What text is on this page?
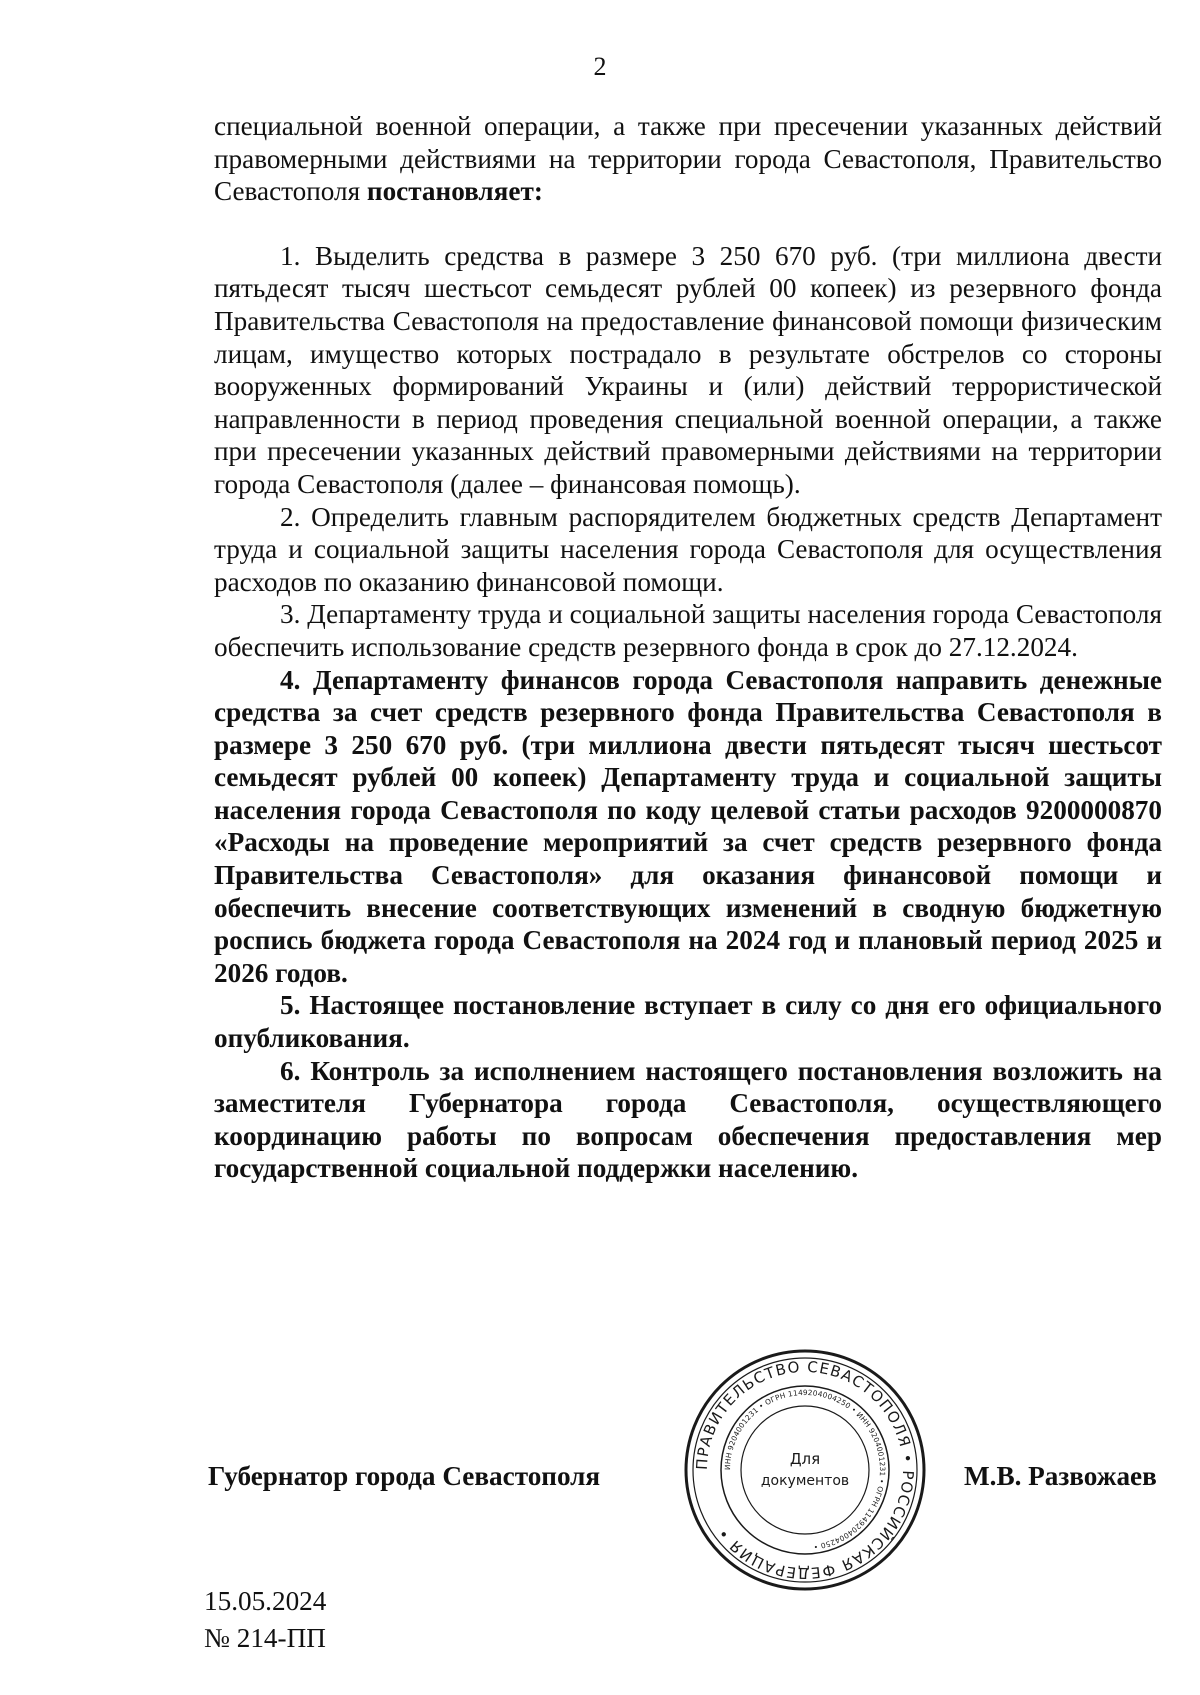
2

специальной военной операции, а также при пресечении указанных действий правомерными действиями на территории города Севастополя, Правительство Севастополя постановляет:

1. Выделить средства в размере 3 250 670 руб. (три миллиона двести пятьдесят тысяч шестьсот семьдесят рублей 00 копеек) из резервного фонда Правительства Севастополя на предоставление финансовой помощи физическим лицам, имущество которых пострадало в результате обстрелов со стороны вооруженных формирований Украины и (или) действий террористической направленности в период проведения специальной военной операции, а также при пресечении указанных действий правомерными действиями на территории города Севастополя (далее – финансовая помощь).

2. Определить главным распорядителем бюджетных средств Департамент труда и социальной защиты населения города Севастополя для осуществления расходов по оказанию финансовой помощи.

3. Департаменту труда и социальной защиты населения города Севастополя обеспечить использование средств резервного фонда в срок до 27.12.2024.

4. Департаменту финансов города Севастополя направить денежные средства за счет средств резервного фонда Правительства Севастополя в размере 3 250 670 руб. (три миллиона двести пятьдесят тысяч шестьсот семьдесят рублей 00 копеек) Департаменту труда и социальной защиты населения города Севастополя по коду целевой статьи расходов 9200000870 «Расходы на проведение мероприятий за счет средств резервного фонда Правительства Севастополя» для оказания финансовой помощи и обеспечить внесение соответствующих изменений в сводную бюджетную роспись бюджета города Севастополя на 2024 год и плановый период 2025 и 2026 годов.

5. Настоящее постановление вступает в силу со дня его официального опубликования.

6. Контроль за исполнением настоящего постановления возложить на заместителя Губернатора города Севастополя, осуществляющего координацию работы по вопросам обеспечения предоставления мер государственной социальной поддержки населению.

Губернатор города Севастополя	ПРАВИТЕЛЬСТВО СЕВАСТОПОЛЯ • РОССИЙСКАЯ ФЕДЕРАЦИЯ •
ИНН 9204001231 • ОГРН 1149204004250 • ИНН 9204001231 • ОГРН 1149204004250 •
Для
документов	М.В. Развожаев
15.05.2024
№ 214-ПП
